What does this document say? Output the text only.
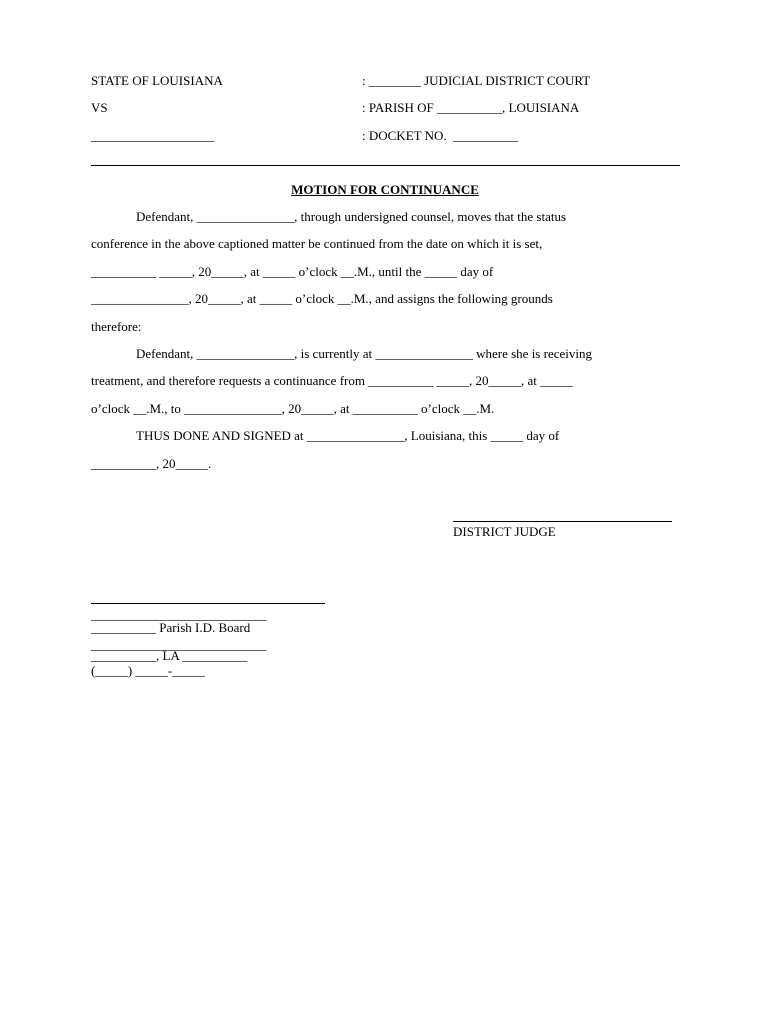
STATE OF LOUISIANA	: ________ JUDICIAL DISTRICT COURT
VS	: PARISH OF __________, LOUISIANA
___________________	: DOCKET NO.  __________
MOTION FOR CONTINUANCE
Defendant, _______________, through undersigned counsel, moves that the status
conference in the above captioned matter be continued from the date on which it is set,
__________ _____, 20_____, at _____ o’clock __.M., until the _____ day of
_______________, 20_____, at _____ o’clock __.M., and assigns the following grounds
therefore:
Defendant, _______________, is currently at _______________ where she is receiving
treatment, and therefore requests a continuance from __________ _____, 20_____, at _____
o’clock __.M., to _______________, 20_____, at __________ o’clock __.M.
THUS DONE AND SIGNED at _______________, Louisiana, this _____ day of
__________, 20_____.
DISTRICT JUDGE
___________________________
__________ Parish I.D. Board
___________________________
__________, LA __________
(_____) _____-_____
